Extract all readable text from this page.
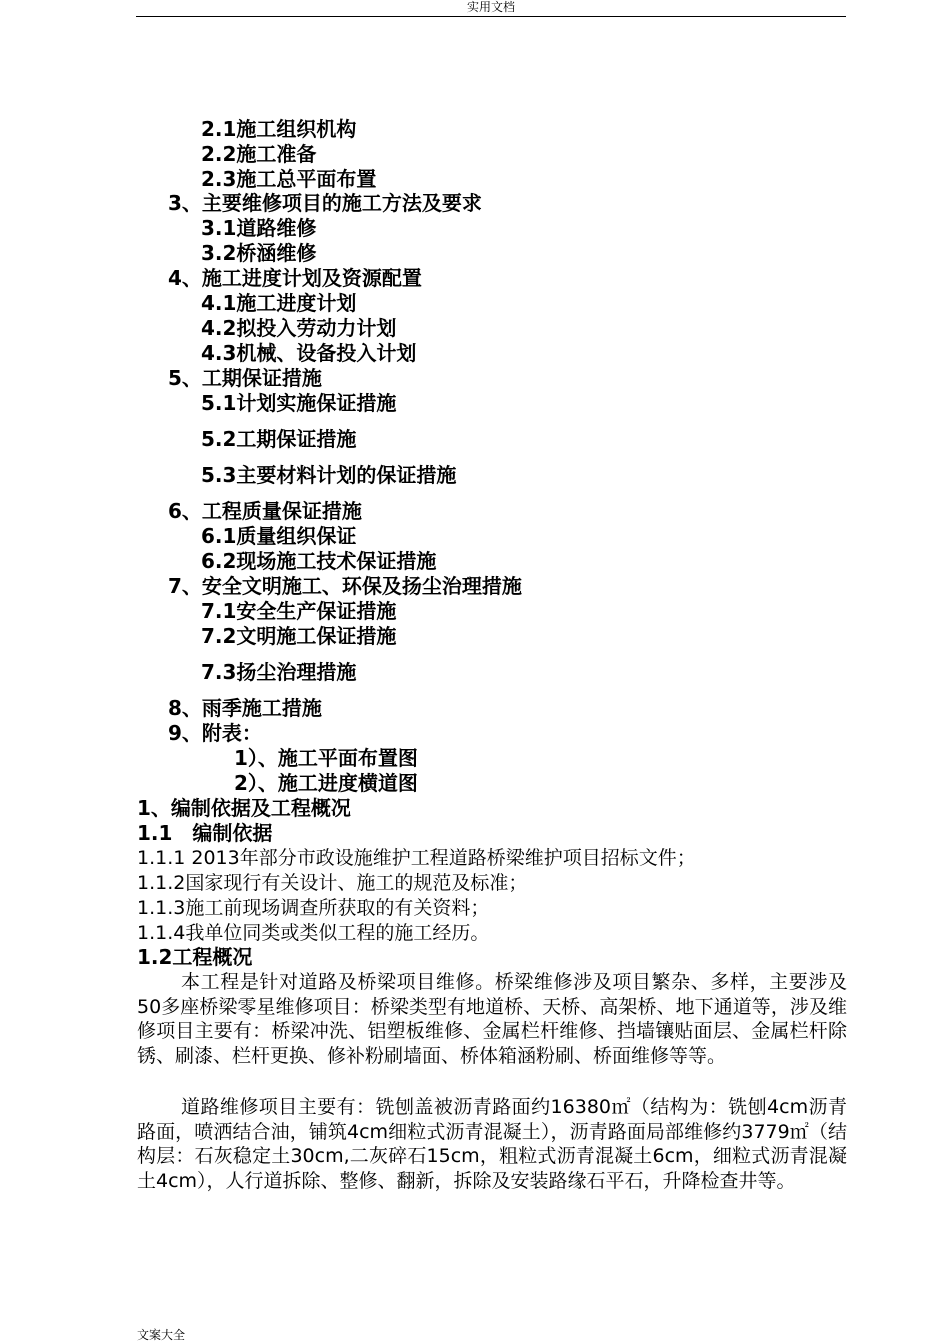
实用文档
2.1施工组织机构
2.2施工准备
2.3施工总平面布置
3、主要维修项目的施工方法及要求
3.1道路维修
3.2桥涵维修
4、施工进度计划及资源配置
4.1施工进度计划
4.2拟投入劳动力计划
4.3机械、设备投入计划
5、工期保证措施
5.1计划实施保证措施
5.2工期保证措施
5.3主要材料计划的保证措施
6、工程质量保证措施
6.1质量组织保证
6.2现场施工技术保证措施
7、安全文明施工、环保及扬尘治理措施
7.1安全生产保证措施
7.2文明施工保证措施
7.3扬尘治理措施
8、雨季施工措施
9、附表：
1）、施工平面布置图
2）、施工进度横道图
1、编制依据及工程概况
1.1　编制依据
1.1.1 2013年部分市政设施维护工程道路桥梁维护项目招标文件；
1.1.2国家现行有关设计、施工的规范及标准；
1.1.3施工前现场调查所获取的有关资料；
1.1.4我单位同类或类似工程的施工经历。
1.2工程概况
本工程是针对道路及桥梁项目维修。桥梁维修涉及项目繁杂、多样，主要涉及50多座桥梁零星维修项目：桥梁类型有地道桥、天桥、高架桥、地下通道等，涉及维修项目主要有：桥梁冲洗、铝塑板维修、金属栏杆维修、挡墙镶贴面层、金属栏杆除锈、刷漆、栏杆更换、修补粉刷墙面、桥体箱涵粉刷、桥面维修等等。
道路维修项目主要有：铣刨盖被沥青路面约16380㎡（结构为：铣刨4cm沥青路面，喷洒结合油，铺筑4cm细粒式沥青混凝土），沥青路面局部维修约3779㎡（结构层：石灰稳定土30cm,二灰碎石15cm，粗粒式沥青混凝土6cm，细粒式沥青混凝土4cm），人行道拆除、整修、翻新，拆除及安装路缘石平石，升降检查井等。
文案大全
